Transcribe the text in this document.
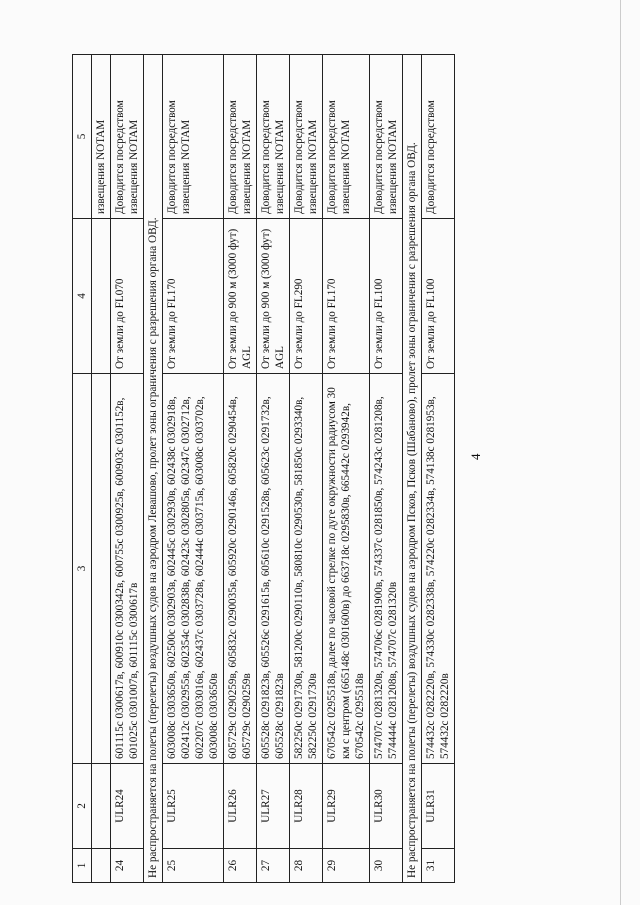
4
1	2	3	4	5
				извещения NOTAM
24	ULR24	601115с 0300617в, 600910с 0300342в, 600755с 0300925в, 600903с 0301152в, 601025с 0301007в, 601115с 0300617в	От земли до FL070	Доводится посредством извещения NOTAM
Не распространяется на полеты (перелеты) воздушных судов на аэродром Левашово, пролет зоны ограничения с разрешения органа ОВД.				
25	ULR25	603008с 0303650в, 602500с 0302903в, 602445с 0302930в, 602438с 0302918в, 602412с 0302955в, 602354с 0302838в, 602423с 0302805в, 602347с 0302712в, 602207с 0303016в, 602437с 0303728в, 602444с 0303715в, 603008с 0303702в, 603008с 0303650в	От земли до FL170	Доводится посредством извещения NOTAM
26	ULR26	605729с 0290259в, 605832с 0290035в, 605920с 0290146в, 605820с 0290454в, 605729с 0290259в	От земли до 900 м (3000 фут) AGL	Доводится посредством извещения NOTAM
27	ULR27	605528с 0291823в, 605526с 0291615в, 605610с 0291528в, 605623с 0291732в, 605528с 0291823в	От земли до 900 м (3000 фут) AGL	Доводится посредством извещения NOTAM
28	ULR28	582250с 0291730в, 581200с 0290110в, 580810с 0290530в, 581850с 0293340в, 582250с 0291730в	От земли до FL290	Доводится посредством извещения NOTAM
29	ULR29	670542с 0295518в, далее по часовой стрелке по дуге окружности радиусом 30 км с центром (665148с 0301600в) до 663718с 0295830в, 665442с 0293942в, 670542с 0295518в	От земли до FL170	Доводится посредством извещения NOTAM
30	ULR30	574707с 0281320в, 574706с 0281900в, 574337с 0281850в, 574243с 0281208в, 574444с 0281208в, 574707с 0281320в	От земли до FL100	Доводится посредством извещения NOTAM
Не распространяется на полеты (перелеты) воздушных судов на аэродром Псков, Псков (Шабаново), пролет зоны ограничения с разрешения органа ОВД.				
31	ULR31	574432с 0282220в, 574330с 0282338в, 574220с 0282334в, 574138с 0281953в, 574432с 0282220в	От земли до FL100	Доводится посредством
